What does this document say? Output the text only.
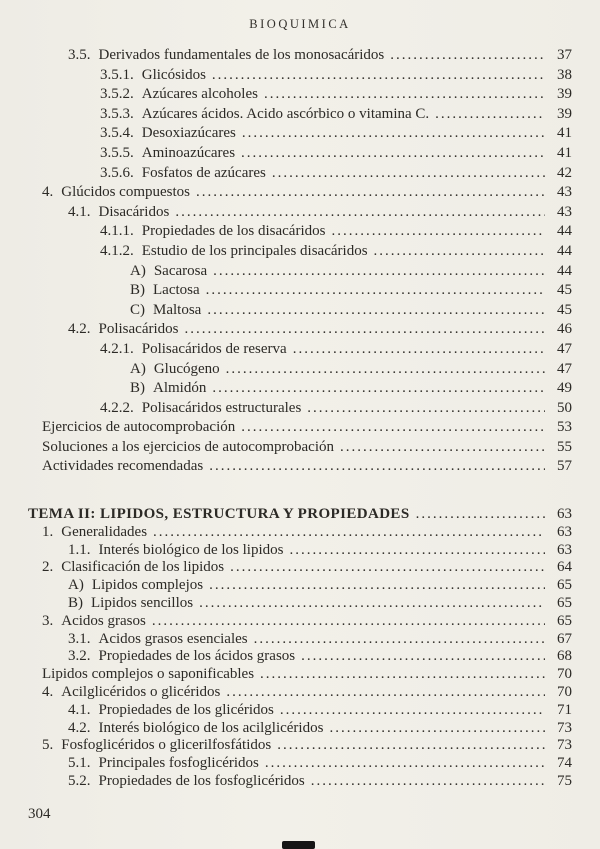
BIOQUIMICA
3.5. Derivados fundamentales de los monosacáridos .....	37
3.5.1. Glicósidos .....	38
3.5.2. Azúcares alcoholes .....	39
3.5.3. Azúcares ácidos. Acido ascórbico o vitamina C. .....	39
3.5.4. Desoxiazúcares .....	41
3.5.5. Aminoazúcares .....	41
3.5.6. Fosfatos de azúcares .....	42
4. Glúcidos compuestos .....	43
4.1. Disacáridos .....	43
4.1.1. Propiedades de los disacáridos .....	44
4.1.2. Estudio de los principales disacáridos .....	44
A) Sacarosa .....	44
B) Lactosa .....	45
C) Maltosa .....	45
4.2. Polisacáridos .....	46
4.2.1. Polisacáridos de reserva .....	47
A) Glucógeno .....	47
B) Almidón .....	49
4.2.2. Polisacáridos estructurales .....	50
Ejercicios de autocomprobación .....	53
Soluciones a los ejercicios de autocomprobación .....	55
Actividades recomendadas .....	57
TEMA II: LIPIDOS, ESTRUCTURA Y PROPIEDADES .....	63
1. Generalidades .....	63
1.1. Interés biológico de los lipidos .....	63
2. Clasificación de los lipidos .....	64
A) Lipidos complejos .....	65
B) Lipidos sencillos .....	65
3. Acidos grasos .....	65
3.1. Acidos grasos esenciales .....	67
3.2. Propiedades de los ácidos grasos .....	68
Lipidos complejos o saponificables .....	70
4. Acilglicéridos o glicéridos .....	70
4.1. Propiedades de los glicéridos .....	71
4.2. Interés biológico de los acilglicéridos .....	73
5. Fosfoglicéridos o glicerilfosfátidos .....	73
5.1. Principales fosfoglicéridos .....	74
5.2. Propiedades de los fosfoglicéridos .....	75
304
